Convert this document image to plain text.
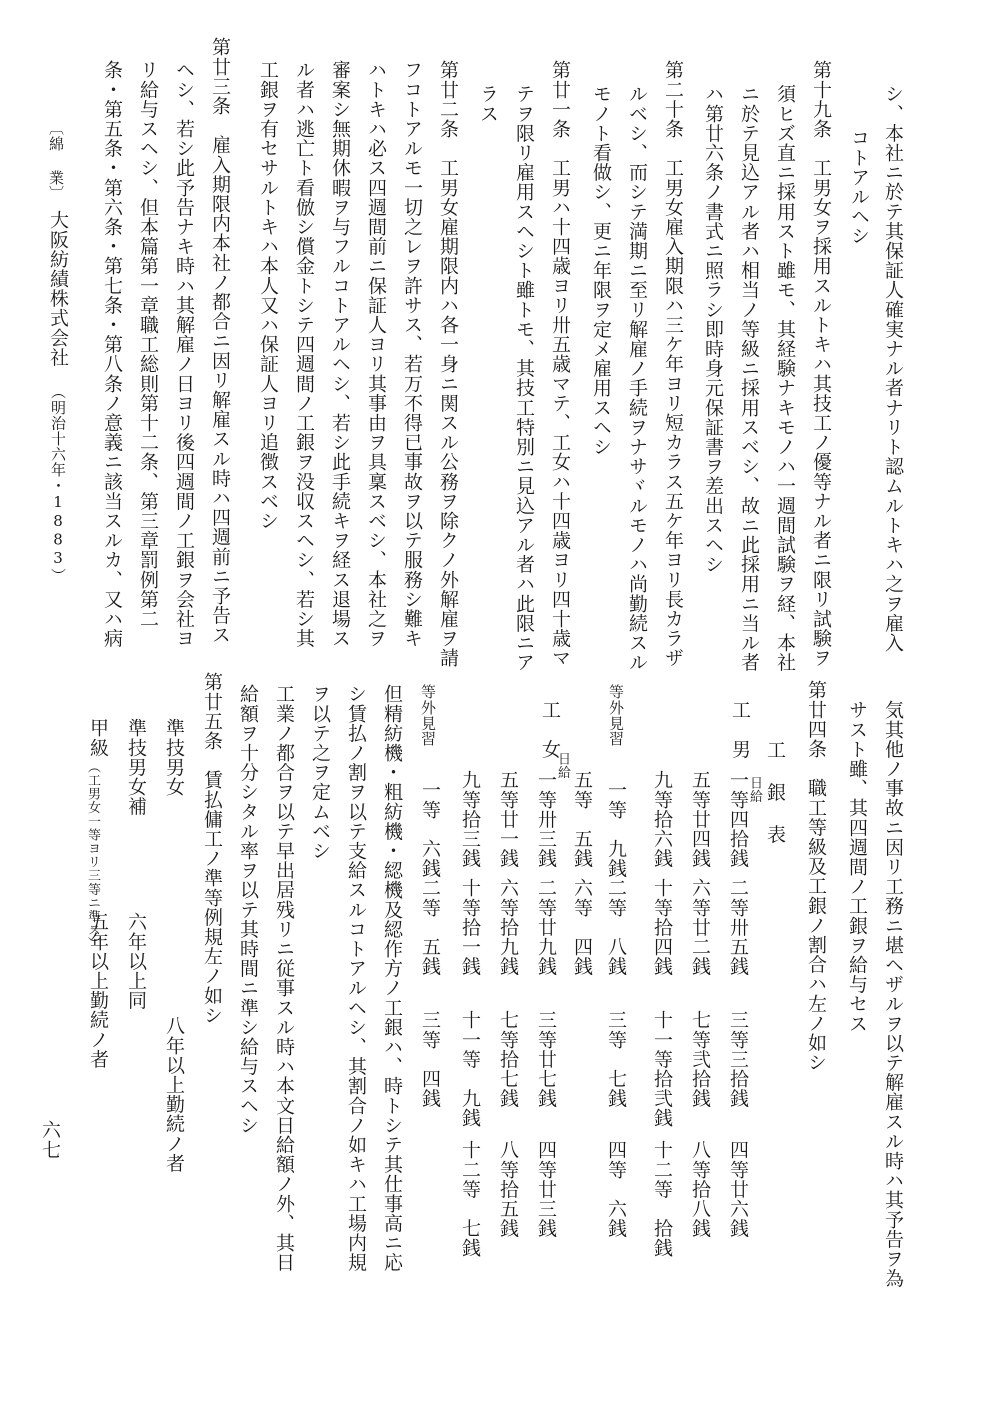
シ、本社ニ於テ其保証人確実ナル者ナリト認ムルトキハ之ヲ雇入
コトアルヘシ
第十九条　工男女ヲ採用スルトキハ其技工ノ優等ナル者ニ限リ試験ヲ
須ヒズ直ニ採用スト雖モ、其経験ナキモノハ一週間試験ヲ経、本社
ニ於テ見込アル者ハ相当ノ等級ニ採用スベシ、故ニ此採用ニ当ル者
ハ第廿六条ノ書式ニ照ラシ即時身元保証書ヲ差出スヘシ
第二十条　工男女雇入期限ハ三ケ年ヨリ短カラス五ケ年ヨリ長カラザ
ルベシ、而シテ満期ニ至リ解雇ノ手続ヲナサヾルモノハ尚勤続スル
モノト看做シ、更ニ年限ヲ定メ雇用スヘシ
第廿一条　工男ハ十四歳ヨリ卅五歳マテ、工女ハ十四歳ヨリ四十歳マ
テヲ限リ雇用スヘシト雖トモ、其技工特別ニ見込アル者ハ此限ニア
ラス
第廿二条　工男女雇期限内ハ各一身ニ関スル公務ヲ除クノ外解雇ヲ請
フコトアルモ一切之レヲ許サス、若万不得已事故ヲ以テ服務シ難キ
ハトキハ必ス四週間前ニ保証人ヨリ其事由ヲ具稟スベシ、本社之ヲ
審案シ無期休暇ヲ与フルコトアルヘシ、若シ此手続キヲ経ス退場ス
ル者ハ逃亡ト看倣シ償金トシテ四週間ノ工銀ヲ没収スヘシ、若シ其
工銀ヲ有セサルトキハ本人又ハ保証人ヨリ追徴スベシ
第廿三条　雇入期限内本社ノ都合ニ因リ解雇スル時ハ四週前ニ予告ス
ヘシ、若シ此予告ナキ時ハ其解雇ノ日ヨリ後四週間ノ工銀ヲ会社ヨ
リ給与スヘシ、但本篇第一章職工総則第十二条、第三章罰例第二
条・第五条・第六条・第七条・第八条ノ意義ニ該当スルカ、又ハ病
〔綿 業〕
大阪紡績株式会社
（明治十六年・1883）
気其他ノ事故ニ因リ工務ニ堪ヘザルヲ以テ解雇スル時ハ其予告ヲ為
サスト雖、其四週間ノ工銀ヲ給与セス
第廿四条　職工等級及工銀ノ割合ハ左ノ如シ
工 銀 表
日給
工　男
一等四拾銭
二等卅五銭
三等三拾銭
四等廿六銭
五等廿四銭
六等廿二銭
七等弐拾銭
八等拾八銭
九等拾六銭
十等拾四銭
十一等拾弐銭
十二等　拾銭
等外見習
一等　九銭
二等　八銭
三等　七銭
四等　六銭
五等　五銭
六等　四銭
工　女
日給
一等卅三銭
二等廿九銭
三等廿七銭
四等廿三銭
五等廿一銭
六等拾九銭
七等拾七銭
八等拾五銭
九等拾三銭
十等拾一銭
十一等　九銭
十二等　七銭
等外見習
一等　六銭
二等　五銭
三等　四銭
但精紡機・粗紡機・綛機及綛作方ノ工銀ハ、時トシテ其仕事高ニ応
シ賃払ノ割ヲ以テ支給スルコトアルヘシ、其割合ノ如キハ工場内規
ヲ以テ之ヲ定ムベシ
工業ノ都合ヲ以テ早出居残リニ従事スル時ハ本文日給額ノ外、其日
給額ヲ十分シタル率ヲ以テ其時間ニ準シ給与スヘシ
第廿五条　賃払傭工ノ準等例規左ノ如シ
準技男女
八年以上勤続ノ者
準技男女補
六年以上同
甲級
（工男女一等ヨリ三等ニ準ス）
五年以上勤続ノ者
六七
